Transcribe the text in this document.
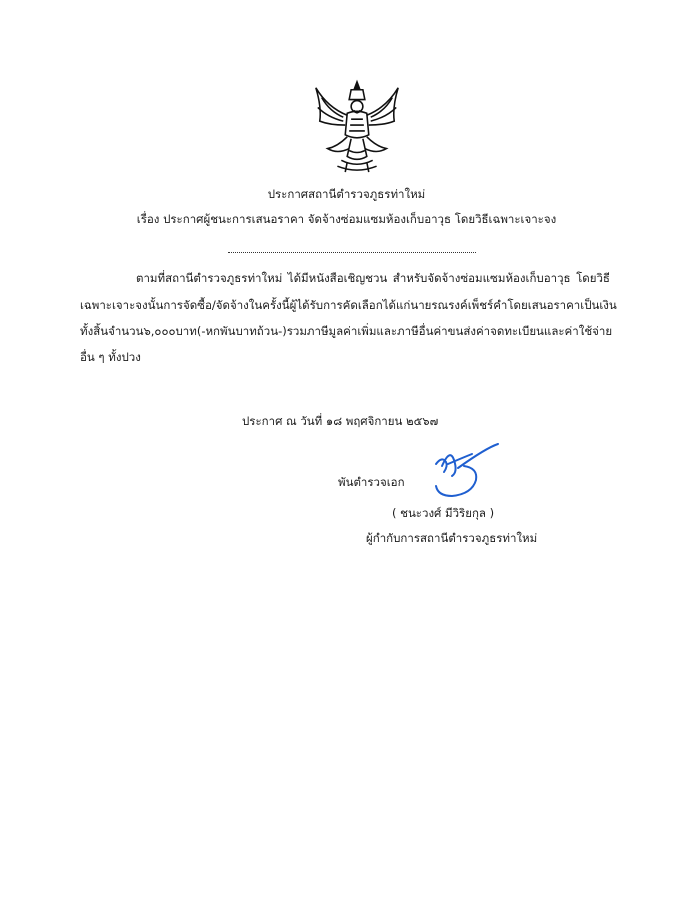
ประกาศสถานีตำรวจภูธรท่าใหม่
เรื่อง ประกาศผู้ชนะการเสนอราคา จัดจ้างซ่อมแซมห้องเก็บอาวุธ โดยวิธีเฉพาะเจาะจง
ตามที่สถานีตำรวจภูธรท่าใหม่ ได้มีหนังสือเชิญชวน สำหรับจัดจ้างซ่อมแซมห้องเก็บอาวุธ โดยวิธี
เฉพาะเจาะจง นั้น การจัดซื้อ/จัดจ้างในครั้งนี้ ผู้ได้รับการคัดเลือก ได้แก่ นายรณรงค์ เพ็ชร์คำ โดยเสนอราคาเป็นเงิน
ทั้งสิ้น จำนวน ๖,๐๐๐ บาท (-หกพันบาทถ้วน-) รวมภาษีมูลค่าเพิ่มและภาษีอื่น ค่าขนส่ง ค่าจดทะเบียนและค่าใช้จ่าย
อื่น ๆ ทั้งปวง
ประกาศ ณ วันที่ ๑๘ พฤศจิกายน ๒๕๖๗
พันตำรวจเอก
( ชนะวงศ์ มีวิริยกุล )
ผู้กำกับการสถานีตำรวจภูธรท่าใหม่
